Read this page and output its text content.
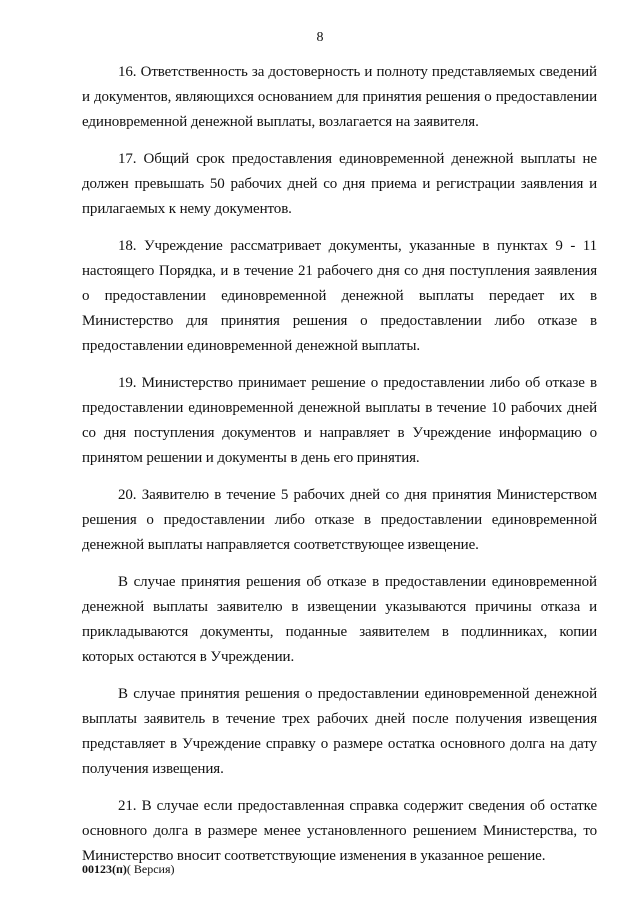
8

16. Ответственность за достоверность и полноту представляемых сведений и документов, являющихся основанием для принятия решения о предоставлении единовременной денежной выплаты, возлагается на заявителя.

17. Общий срок предоставления единовременной денежной выплаты не должен превышать 50 рабочих дней со дня приема и регистрации заявления и прилагаемых к нему документов.

18. Учреждение рассматривает документы, указанные в пунктах 9 - 11 настоящего Порядка, и в течение 21 рабочего дня со дня поступления заявления о предоставлении единовременной денежной выплаты передает их в Министерство для принятия решения о предоставлении либо отказе в предоставлении единовременной денежной выплаты.

19. Министерство принимает решение о предоставлении либо об отказе в предоставлении единовременной денежной выплаты в течение 10 рабочих дней со дня поступления документов и направляет в Учреждение информацию о принятом решении и документы в день его принятия.

20. Заявителю в течение 5 рабочих дней со дня принятия Министерством решения о предоставлении либо отказе в предоставлении единовременной денежной выплаты направляется соответствующее извещение.

В случае принятия решения об отказе в предоставлении единовременной денежной выплаты заявителю в извещении указываются причины отказа и прикладываются документы, поданные заявителем в подлинниках, копии которых остаются в Учреждении.

В случае принятия решения о предоставлении единовременной денежной выплаты заявитель в течение трех рабочих дней после получения извещения представляет в Учреждение справку о размере остатка основного долга на дату получения извещения.

21. В случае если предоставленная справка содержит сведения об остатке основного долга в размере менее установленного решением Министерства, то Министерство вносит соответствующие изменения в указанное решение.

00123(п)( Версия)
